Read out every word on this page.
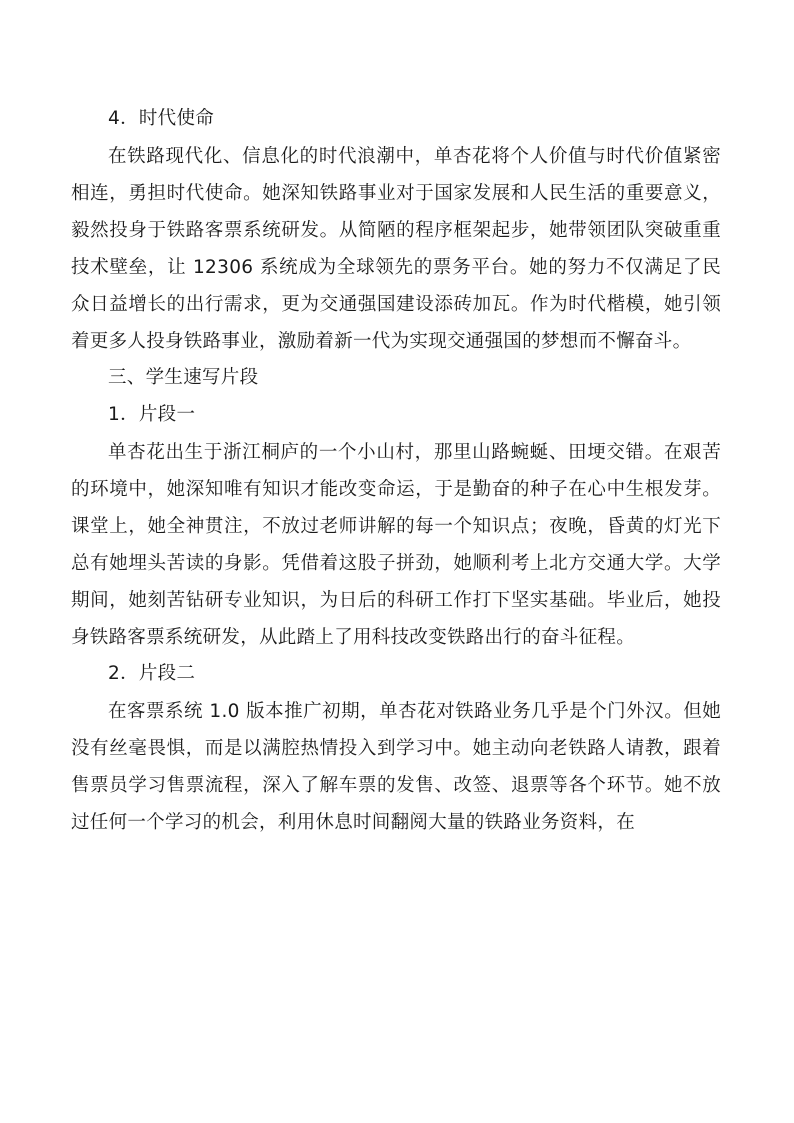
4．时代使命

在铁路现代化、信息化的时代浪潮中，单杏花将个人价值与时代价值紧密相连，勇担时代使命。她深知铁路事业对于国家发展和人民生活的重要意义，毅然投身于铁路客票系统研发。从简陋的程序框架起步，她带领团队突破重重技术壁垒，让 12306 系统成为全球领先的票务平台。她的努力不仅满足了民众日益增长的出行需求，更为交通强国建设添砖加瓦。作为时代楷模，她引领着更多人投身铁路事业，激励着新一代为实现交通强国的梦想而不懈奋斗。

三、学生速写片段

1．片段一

单杏花出生于浙江桐庐的一个小山村，那里山路蜿蜒、田埂交错。在艰苦的环境中，她深知唯有知识才能改变命运，于是勤奋的种子在心中生根发芽。课堂上，她全神贯注，不放过老师讲解的每一个知识点；夜晚，昏黄的灯光下总有她埋头苦读的身影。凭借着这股子拼劲，她顺利考上北方交通大学。大学期间，她刻苦钻研专业知识，为日后的科研工作打下坚实基础。毕业后，她投身铁路客票系统研发，从此踏上了用科技改变铁路出行的奋斗征程。

2．片段二

在客票系统 1.0 版本推广初期，单杏花对铁路业务几乎是个门外汉。但她没有丝毫畏惧，而是以满腔热情投入到学习中。她主动向老铁路人请教，跟着售票员学习售票流程，深入了解车票的发售、改签、退票等各个环节。她不放过任何一个学习的机会，利用休息时间翻阅大量的铁路业务资料，在
